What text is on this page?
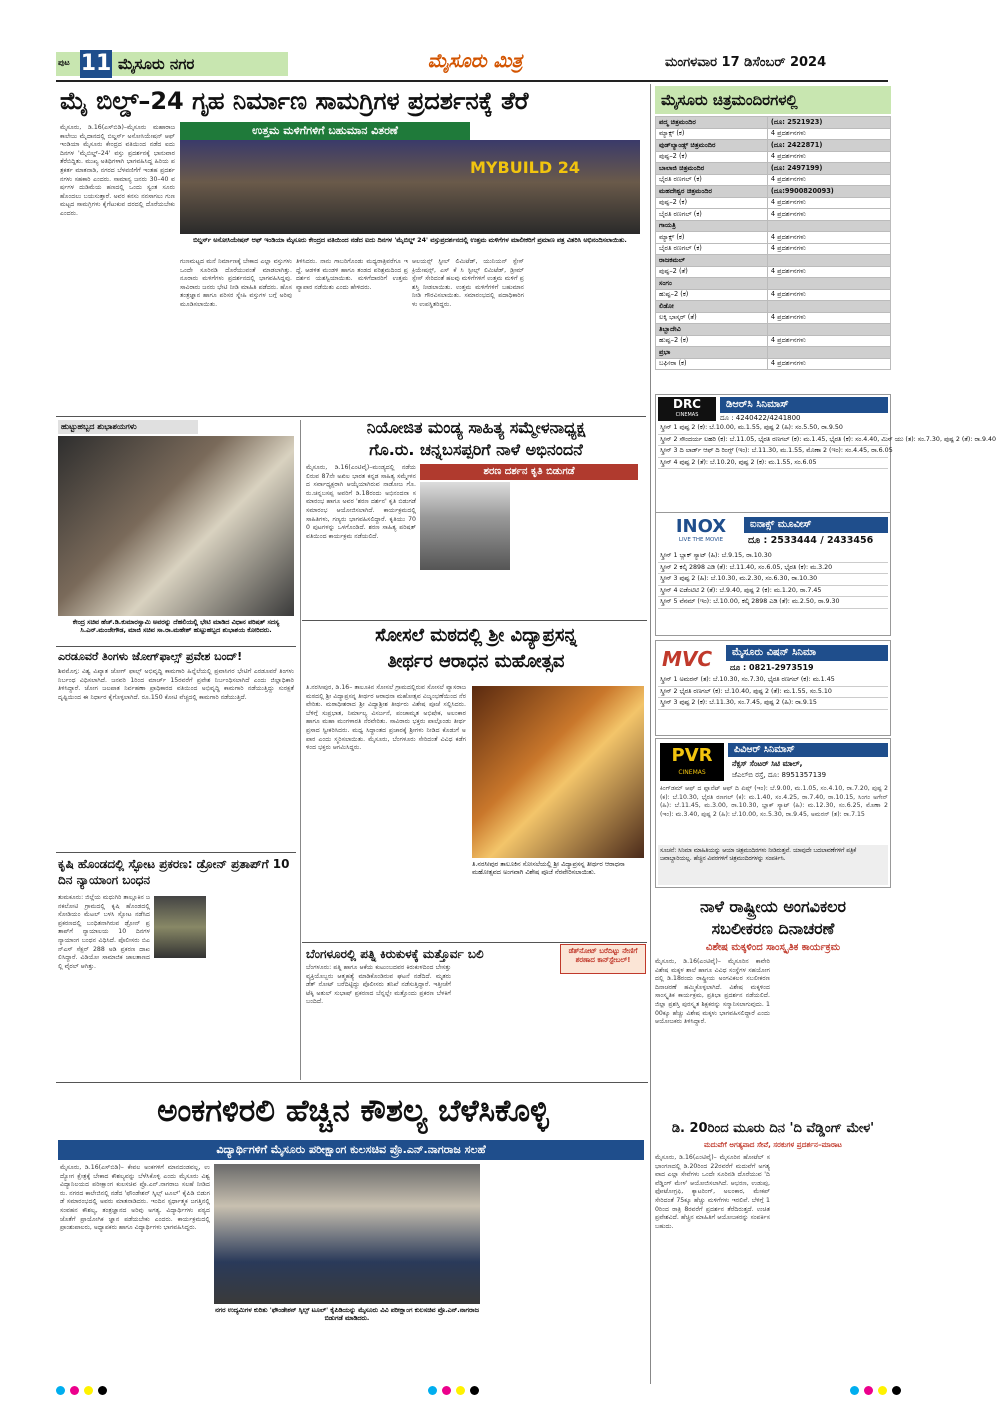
ಪುಟ 11 ಮೈಸೂರು ನಗರ	ಮೈಸೂರು ಮಿತ್ರ	ಮಂಗಳವಾರ 17 ಡಿಸೆಂಬರ್ 2024
ಮೈ ಬಿಲ್ಡ್–24 ಗೃಹ ನಿರ್ಮಾಣ ಸಾಮಗ್ರಿಗಳ ಪ್ರದರ್ಶನಕ್ಕೆ ತೆರೆ
ಉತ್ತಮ ಮಳಿಗೆಗಳಿಗೆ ಬಹುಮಾನ ವಿತರಣೆ
MYBUILD 24
ಬಿಲ್ಡರ್ಸ್ ಅಸೋಸಿಯೇಷನ್ ಆಫ್ ಇಂಡಿಯಾ ಮೈಸೂರು ಕೇಂದ್ರದ ವತಿಯಿಂದ ನಡೆದ ಐದು ದಿನಗಳ 'ಮೈಬಿಲ್ಡ್ 24' ವಸ್ತುಪ್ರದರ್ಶನದಲ್ಲಿ ಉತ್ತಮ ಮಳಿಗೆಗಳ ಮಾಲೀಕರಿಗೆ ಪ್ರಮಾಣ ಪತ್ರ ವಿತರಿಸಿ ಅಭಿನಂದಿಸಲಾಯಿತು.
ಮೈಸೂರು, ಡಿ.16(ಎಸ್‌ಬಿಡಿ)–ಮೈಸೂರು ಮಹಾರಾಜ ಕಾಲೇಜು ಮೈದಾನದಲ್ಲಿ ಬಿಲ್ಡರ್ಸ್ ಅಸೋಸಿಯೇಷನ್ ಆಫ್ ಇಂಡಿಯಾ ಮೈಸೂರು ಕೇಂದ್ರದ ವತಿಯಿಂದ ನಡೆದ ಐದು ದಿನಗಳ 'ಮೈಬಿಲ್ಡ್–24' ವಸ್ತು ಪ್ರದರ್ಶನಕ್ಕೆ ಭಾನುವಾರ ತೆರೆಬಿದ್ದಿತು. ಮುಖ್ಯ ಅತಿಥಿಗಳಾಗಿ ಭಾಗವಹಿಸಿದ್ದ ಹಿರಿಯ ಪತ್ರಕರ್ತ ಮಾತನಾಡಿ, ನಗರದ ಬೆಳವಣಿಗೆಗೆ ಇಂತಹ ಪ್ರದರ್ಶನಗಳು ಸಹಕಾರಿ ಎಂದರು. ಸಾಮಾನ್ಯ ಜನರು 30–40 ವರ್ಷಗಳ ದುಡಿಮೆಯ ಹಣದಲ್ಲಿ ಒಂದು ಸ್ವಂತ ಸೂರು ಹೊಂದಲು ಬಯಸುತ್ತಾರೆ. ಅವರ ಕನಸು ನನಸಾಗಲು ಗುಣಮಟ್ಟದ ಸಾಮಗ್ರಿಗಳು ಕೈಗೆಟುಕುವ ದರದಲ್ಲಿ ದೊರೆಯಬೇಕು ಎಂದರು.
ಗುಣಮಟ್ಟದ ಮನೆ ನಿರ್ಮಾಣಕ್ಕೆ ಬೇಕಾದ ಎಲ್ಲಾ ವಸ್ತುಗಳು ಒಂದೇ ಸೂರಿನಡಿ ದೊರೆಯುವಂತೆ ಮಾಡಲಾಗಿತ್ತು. ನೂರಾರು ಮಳಿಗೆಗಳು ಪ್ರದರ್ಶನದಲ್ಲಿ ಭಾಗವಹಿಸಿದ್ದವು. ಸಾವಿರಾರು ಜನರು ಭೇಟಿ ನೀಡಿ ಮಾಹಿತಿ ಪಡೆದರು. ಹೊಸ ತಂತ್ರಜ್ಞಾನ ಹಾಗೂ ಪರಿಸರ ಸ್ನೇಹಿ ವಸ್ತುಗಳ ಬಗ್ಗೆ ಅರಿವು ಮೂಡಿಸಲಾಯಿತು.
ತಿಳಿಸಿದರು. ನಾನು ಗಾಬರಿಗೊಂಡು ಮಧ್ಯರಾತ್ರಿವರೆಗೂ ಇದ್ದೆ. ಆಡಳಿತ ಮಂಡಳಿ ಹಾಗೂ ತಂಡದ ಪರಿಶ್ರಮದಿಂದ ಪ್ರದರ್ಶನ ಯಶಸ್ವಿಯಾಯಿತು. ಮಳಿಗೆದಾರರಿಗೆ ಉತ್ತಮ ವ್ಯಾಪಾರ ನಡೆಯಿತು ಎಂದು ಹೇಳಿದರು.
ಆಲಯನ್ಸ್ ಸ್ಟೀಲ್ ಲಿಮಿಟೆಡ್, ಯುನಿಯನ್ ಸ್ಪೇಸ್ ಕ್ರಿಯೇಷನ್ಸ್, ಎಸ್ ಕೆ ಸಿ ಸ್ಟೀಲ್ಸ್ ಲಿಮಿಟೆಡ್, ಡ್ರೀಮ್ ಸ್ಪೇಸ್ ಸೇರಿದಂತೆ ಹಲವು ಮಳಿಗೆಗಳಿಗೆ ಉತ್ತಮ ಮಳಿಗೆ ಪ್ರಶಸ್ತಿ ನೀಡಲಾಯಿತು. ಉತ್ತಮ ಮಳಿಗೆಗಳಿಗೆ ಬಹುಮಾನ ನೀಡಿ ಗೌರವಿಸಲಾಯಿತು. ಸಮಾರಂಭದಲ್ಲಿ ಪದಾಧಿಕಾರಿಗಳು ಉಪಸ್ಥಿತರಿದ್ದರು.
ಹುಟ್ಟುಹಬ್ಬದ ಶುಭಾಶಯಗಳು
ಕೇಂದ್ರ ಸಚಿವ ಹೆಚ್.ಡಿ.ಕುಮಾರಸ್ವಾಮಿ ಅವರನ್ನು ದೆಹಲಿಯಲ್ಲಿ ಭೇಟಿ ಮಾಡಿದ ವಿಧಾನ ಪರಿಷತ್ ಸದಸ್ಯ ಸಿ.ಎನ್.ಮಂಜೇಗೌಡ, ಮಾಜಿ ಸಚಿವ ಸಾ.ರಾ.ಮಹೇಶ್ ಹುಟ್ಟುಹಬ್ಬದ ಶುಭಾಶಯ ಕೋರಿದರು.
ಎರಡೂವರೆ ತಿಂಗಳು ಜೋಗ್‌ಫಾಲ್ಸ್ ಪ್ರವೇಶ ಬಂದ್!
ಶಿವಮೊಗ್ಗ: ವಿಶ್ವ ವಿಖ್ಯಾತ ಜೋಗ್ ಫಾಲ್ಸ್ ಅಭಿವೃದ್ಧಿ ಕಾಮಗಾರಿ ಹಿನ್ನೆಲೆಯಲ್ಲಿ ಪ್ರವಾಸಿಗರ ಭೇಟಿಗೆ ಎರಡೂವರೆ ತಿಂಗಳು ನಿರ್ಬಂಧ ವಿಧಿಸಲಾಗಿದೆ. ಜನವರಿ 1ರಿಂದ ಮಾರ್ಚ್ 15ರವರೆಗೆ ಪ್ರವೇಶ ನಿರ್ಬಂಧಿಸಲಾಗಿದೆ ಎಂದು ಜಿಲ್ಲಾಧಿಕಾರಿ ತಿಳಿಸಿದ್ದಾರೆ. ಜೋಗ ಜಲಪಾತ ನಿರ್ವಹಣಾ ಪ್ರಾಧಿಕಾರದ ವತಿಯಿಂದ ಅಭಿವೃದ್ಧಿ ಕಾಮಗಾರಿ ನಡೆಯುತ್ತಿದ್ದು ಸುರಕ್ಷತೆ ದೃಷ್ಟಿಯಿಂದ ಈ ನಿರ್ಧಾರ ಕೈಗೊಳ್ಳಲಾಗಿದೆ. ರೂ.150 ಕೋಟಿ ವೆಚ್ಚದಲ್ಲಿ ಕಾಮಗಾರಿ ನಡೆಯುತ್ತಿದೆ.
ಕೃಷಿ ಹೊಂಡದಲ್ಲಿ ಸ್ಫೋಟ ಪ್ರಕರಣ: ಡ್ರೋನ್ ಪ್ರತಾಪ್‌ಗೆ 10 ದಿನ ನ್ಯಾಯಾಂಗ ಬಂಧನ
ತುಮಕೂರು: ಜಿಲ್ಲೆಯ ಮಧುಗಿರಿ ತಾಲ್ಲೂಕಿನ ಜನಕಲೋಟಿ ಗ್ರಾಮದಲ್ಲಿ ಕೃಷಿ ಹೊಂಡದಲ್ಲಿ ಸೋಡಿಯಂ ಮೆಟಲ್ ಬಳಸಿ ಸ್ಫೋಟ ನಡೆಸಿದ ಪ್ರಕರಣದಲ್ಲಿ ಬಂಧಿತನಾಗಿರುವ ಡ್ರೋನ್ ಪ್ರತಾಪ್‌ಗೆ ನ್ಯಾಯಾಲಯ 10 ದಿನಗಳ ನ್ಯಾಯಾಂಗ ಬಂಧನ ವಿಧಿಸಿದೆ. ಪೊಲೀಸರು ಬಿಎನ್‌ಎಸ್ ಸೆಕ್ಷನ್ 288 ಅಡಿ ಪ್ರಕರಣ ದಾಖಲಿಸಿದ್ದಾರೆ. ವಿಡಿಯೋ ಸಾಮಾಜಿಕ ಜಾಲತಾಣದಲ್ಲಿ ವೈರಲ್ ಆಗಿತ್ತು.
ನಿಯೋಜಿತ ಮಂಡ್ಯ ಸಾಹಿತ್ಯ ಸಮ್ಮೇಳನಾಧ್ಯಕ್ಷ
ಗೊ.ರು. ಚನ್ನಬಸಪ್ಪರಿಗೆ ನಾಳೆ ಅಭಿನಂದನೆ
ಮೈಸೂರು, ಡಿ.16(ಎಂಟಿವೈ)–ಮಂಡ್ಯದಲ್ಲಿ ನಡೆಯಲಿರುವ 87ನೇ ಅಖಿಲ ಭಾರತ ಕನ್ನಡ ಸಾಹಿತ್ಯ ಸಮ್ಮೇಳನದ ಸರ್ವಾಧ್ಯಕ್ಷರಾಗಿ ಆಯ್ಕೆಯಾಗಿರುವ ನಾಡೋಜ ಗೊ.ರು.ಚನ್ನಬಸಪ್ಪ ಅವರಿಗೆ ಡಿ.18ರಂದು ಅಭಿನಂದನಾ ಸಮಾರಂಭ ಹಾಗೂ ಅವರ 'ಶರಣ ದರ್ಶನ' ಕೃತಿ ಬಿಡುಗಡೆ ಸಮಾರಂಭ ಆಯೋಜಿಸಲಾಗಿದೆ. ಕಾರ್ಯಕ್ರಮದಲ್ಲಿ ಸಾಹಿತಿಗಳು, ಗಣ್ಯರು ಭಾಗವಹಿಸಲಿದ್ದಾರೆ. ಕೃತಿಯು 700 ಪುಟಗಳನ್ನು ಒಳಗೊಂಡಿದೆ. ಶರಣ ಸಾಹಿತ್ಯ ಪರಿಷತ್ ವತಿಯಿಂದ ಕಾರ್ಯಕ್ರಮ ನಡೆಯಲಿದೆ.
ಶರಣ ದರ್ಶನ ಕೃತಿ ಬಿಡುಗಡೆ
ಸೋಸಲೆ ಮಠದಲ್ಲಿ ಶ್ರೀ ವಿದ್ಯಾಪ್ರಸನ್ನ
ತೀರ್ಥರ ಆರಾಧನ ಮಹೋತ್ಸವ
ತಿ.ನರಸೀಪುರ, ಡಿ.16– ತಾಲೂಕಿನ ಸೋಸಲೆ ಗ್ರಾಮದಲ್ಲಿರುವ ಸೋಸಲೆ ವ್ಯಾಸರಾಜ ಮಠದಲ್ಲಿ ಶ್ರೀ ವಿದ್ಯಾಪ್ರಸನ್ನ ತೀರ್ಥರ ಆರಾಧನಾ ಮಹೋತ್ಸವ ವಿಜೃಂಭಣೆಯಿಂದ ನೆರವೇರಿತು. ಮಠಾಧೀಶರಾದ ಶ್ರೀ ವಿದ್ಯಾಶ್ರೀಶ ತೀರ್ಥರು ವಿಶೇಷ ಪೂಜೆ ಸಲ್ಲಿಸಿದರು. ಬೆಳಿಗ್ಗೆ ಸುಪ್ರಭಾತ, ನಿರ್ಮಾಲ್ಯ ವಿಸರ್ಜನೆ, ಪಂಚಾಮೃತ ಅಭಿಷೇಕ, ಅಲಂಕಾರ ಹಾಗೂ ಮಹಾ ಮಂಗಳಾರತಿ ನೆರವೇರಿತು. ಸಾವಿರಾರು ಭಕ್ತರು ಪಾಲ್ಗೊಂಡು ತೀರ್ಥ ಪ್ರಸಾದ ಸ್ವೀಕರಿಸಿದರು. ಮಧ್ವ ಸಿದ್ಧಾಂತದ ಪ್ರಚಾರಕ್ಕೆ ಶ್ರೀಗಳು ನೀಡಿದ ಕೊಡುಗೆ ಅಪಾರ ಎಂದು ಸ್ಮರಿಸಲಾಯಿತು. ಮೈಸೂರು, ಬೆಂಗಳೂರು ಸೇರಿದಂತೆ ವಿವಿಧ ಕಡೆಗಳಿಂದ ಭಕ್ತರು ಆಗಮಿಸಿದ್ದರು.
ತಿ.ನರಸೀಪುರ ತಾಲೂಕಿನ ಸೋಸಲೆಯಲ್ಲಿ ಶ್ರೀ ವಿದ್ಯಾಪ್ರಸನ್ನ ತೀರ್ಥರ ಆರಾಧನಾ ಮಹೋತ್ಸವದ ಅಂಗವಾಗಿ ವಿಶೇಷ ಪೂಜೆ ನೆರವೇರಿಸಲಾಯಿತು.
ಬೆಂಗಳೂರಲ್ಲಿ ಪತ್ನಿ ಕಿರುಕುಳಕ್ಕೆ ಮತ್ತೊರ್ವ ಬಲಿ
ಬೆಂಗಳೂರು: ಪತ್ನಿ ಹಾಗೂ ಆಕೆಯ ಕುಟುಂಬದವರ ಕಿರುಕುಳದಿಂದ ಬೇಸತ್ತು ವ್ಯಕ್ತಿಯೊಬ್ಬರು ಆತ್ಮಹತ್ಯೆ ಮಾಡಿಕೊಂಡಿರುವ ಘಟನೆ ನಡೆದಿದೆ. ಮೃತರು ಡೆತ್ ನೋಟ್ ಬರೆದಿಟ್ಟಿದ್ದು ಪೊಲೀಸರು ತನಿಖೆ ನಡೆಸುತ್ತಿದ್ದಾರೆ. ಇತ್ತೀಚೆಗೆ ಟೆಕ್ಕಿ ಅತುಲ್ ಸುಭಾಷ್ ಪ್ರಕರಣದ ಬೆನ್ನಲ್ಲೇ ಮತ್ತೊಂದು ಪ್ರಕರಣ ಬೆಳಕಿಗೆ ಬಂದಿದೆ.
ಡೆತ್‌ನೋಟ್ ಬರೆದಿಟ್ಟು ನೇಣಿಗೆ ಶರಣಾದ ಕಾನ್‌ಸ್ಟೇಬಲ್!
ಅಂಕಗಳಿರಲಿ ಹೆಚ್ಚಿನ ಕೌಶಲ್ಯ ಬೆಳೆಸಿಕೊಳ್ಳಿ
ವಿದ್ಯಾರ್ಥಿಗಳಿಗೆ ಮೈಸೂರು ಪರೀಕ್ಷಾಂಗ ಕುಲಸಚಿವ ಪ್ರೊ.ಎನ್.ನಾಗರಾಜ ಸಲಹೆ
ಮೈಸೂರು, ಡಿ.16(ಎಸ್‌ಬಿಡಿ)– ಕೇವಲ ಅಂಕಗಳಿಗೆ ಮಾನದಂಡವಲ್ಲ, ಉದ್ಯೋಗ ಕ್ಷೇತ್ರಕ್ಕೆ ಬೇಕಾದ ಕೌಶಲ್ಯವನ್ನು ಬೆಳೆಸಿಕೊಳ್ಳಿ ಎಂದು ಮೈಸೂರು ವಿಶ್ವವಿದ್ಯಾನಿಲಯದ ಪರೀಕ್ಷಾಂಗ ಕುಲಸಚಿವ ಪ್ರೊ.ಎನ್.ನಾಗರಾಜ ಸಲಹೆ ನೀಡಿದರು. ನಗರದ ಕಾಲೇಜಿನಲ್ಲಿ ನಡೆದ 'ಫೌಂಡೇಶನ್ ಸ್ಕಿಲ್ಸ್ ಟೂಲ್' ಕೈಪಿಡಿ ಬಿಡುಗಡೆ ಸಮಾರಂಭದಲ್ಲಿ ಅವರು ಮಾತನಾಡಿದರು. ಇಂದಿನ ಸ್ಪರ್ಧಾತ್ಮಕ ಜಗತ್ತಿನಲ್ಲಿ ಸಂವಹನ ಕೌಶಲ್ಯ, ತಂತ್ರಜ್ಞಾನದ ಅರಿವು ಅಗತ್ಯ. ವಿದ್ಯಾರ್ಥಿಗಳು ಪಠ್ಯದ ಜೊತೆಗೆ ಪ್ರಾಯೋಗಿಕ ಜ್ಞಾನ ಪಡೆಯಬೇಕು ಎಂದರು. ಕಾರ್ಯಕ್ರಮದಲ್ಲಿ ಪ್ರಾಂಶುಪಾಲರು, ಅಧ್ಯಾಪಕರು ಹಾಗೂ ವಿದ್ಯಾರ್ಥಿಗಳು ಭಾಗವಹಿಸಿದ್ದರು.
ನಗರ ಉದ್ಯಮಿಗಳ ಕುರಿತು 'ಫೌಂಡೇಶನ್ ಸ್ಕಿಲ್ಸ್ ಟೂಲ್' ಕೈಪಿಡಿಯನ್ನು ಮೈಸೂರು ವಿವಿ ಪರೀಕ್ಷಾಂಗ ಕುಲಸಚಿವ ಪ್ರೊ.ಎನ್.ನಾಗರಾಜ ಬಿಡುಗಡೆ ಮಾಡಿದರು.
ಮೈಸೂರು ಚಿತ್ರಮಂದಿರಗಳಲ್ಲಿ
ಪದ್ಮ ಚಿತ್ರಮಂದಿರ	(ದೂ: 2521923)
ಮ್ಯಾಕ್ಸ್ (ಕ)	4 ಪ್ರದರ್ಶನಗಳು
ವುಡ್‌ಲ್ಯಾಂಡ್ಸ್ ಚಿತ್ರಮಂದಿರ	(ದೂ: 2422871)
ಪುಷ್ಪ–2 (ಕ)	4 ಪ್ರದರ್ಶನಗಳು
ಬಾಲಾಜಿ ಚಿತ್ರಮಂದಿರ	(ದೂ: 2497199)
ಭೈರತಿ ರಣಗಲ್ (ಕ)	4 ಪ್ರದರ್ಶನಗಳು
ಮಹದೇಶ್ವರ ಚಿತ್ರಮಂದಿರ	(ದೂ:9900820093)
ಪುಷ್ಪ–2 (ಕ)	4 ಪ್ರದರ್ಶನಗಳು
ಬೈರತಿ ರಣಗಲ್ (ಕ)	4 ಪ್ರದರ್ಶನಗಳು
ಗಾಯತ್ರಿ	
ಮ್ಯಾಕ್ಸ್ (ಕ)	4 ಪ್ರದರ್ಶನಗಳು
ಬೈರತಿ ರಣಗಲ್ (ಕ)	4 ಪ್ರದರ್ಶನಗಳು
ರಾಜಕಮಲ್	
ಪುಷ್ಪ–2 (ತೆ)	4 ಪ್ರದರ್ಶನಗಳು
ಸಂಗಂ	
ಹುಷ್ಪ–2 (ಕ)	4 ಪ್ರದರ್ಶನಗಳು
ಲಿಡೋ	
ಲಕ್ಕಿ ಭಾಸ್ಕರ್ (ತೆ)	4 ಪ್ರದರ್ಶನಗಳು
ತಿಬ್ಬಾದೇವಿ	
ಹುಷ್ಪ–2 (ಕ)	4 ಪ್ರದರ್ಶನಗಳು
ಪ್ರಭಾ	
ಬಘೀರಾ (ಕ)	4 ಪ್ರದರ್ಶನಗಳು
DRC
CINEMAS
ಡಿಆರ್‌ಸಿ ಸಿನಿಮಾಸ್
ದೂ : 4240422/4241800
ಸ್ಕ್ರೀನ್ 1 ಪುಷ್ಪ 2 (ಕ): ಬೆ.10.00, ಮ.1.55, ಪುಷ್ಪ 2 (ಹಿ): ಸಂ.5.50, ರಾ.9.50
ಸ್ಕ್ರೀನ್ 2 ಸೌಂದರ್ಯ ಲಹರಿ (ಕ): ಬೆ.11.05, ಭೈರತಿ ರಣಗಲ್ (ಕ): ಮ.1.45, ಭೈರತಿ (ಕ): ಸಂ.4.40, ಮಿಸ್ ಯು (ತ): ಸಂ.7.30, ಪುಷ್ಪ 2 (ತೆ): ರಾ.9.40
ಸ್ಕ್ರೀನ್ 3 ದಿ ಲಾರ್ಡ್ ಆಫ್ ದಿ ರಿಂಗ್ಸ್ (ಇಂ): ಬೆ.11.30, ಮ.1.55, ಮೊಣಾ 2 (ಇಂ): ಸಂ.4.45, ರಾ.6.05
ಸ್ಕ್ರೀನ್ 4 ಪುಷ್ಪ 2 (ತೆ): ಬೆ.10.20, ಪುಷ್ಪ 2 (ಕ): ಮ.1.55, ಸಂ.6.05
INOX
LIVE THE MOVIE
ಐನಾಕ್ಸ್ ಮೂವೀಸ್
ದೂ : 2533444 / 2433456
ಸ್ಕ್ರೀನ್ 1 ಬ್ಲಾಕ್ ಸ್ಯಾಟ್ (ಹಿ): ಬೆ.9.15, ರಾ.10.30
ಸ್ಕ್ರೀನ್ 2 ಕಲ್ಕಿ 2898 ಎಡಿ (ತೆ): ಬೆ.11.40, ಸಂ.6.05, ಭೈರತಿ (ಕ): ಮ.3.20
ಸ್ಕ್ರೀನ್ 3 ಪುಷ್ಪ 2 (ಹಿ): ಬೆ.10.30, ಮ.2.30, ಸಂ.6.30, ರಾ.10.30
ಸ್ಕ್ರೀನ್ 4 ಐಡೆಂಟಿಟಿ 2 (ತೆ): ಬೆ.9.40, ಪುಷ್ಪ 2 (ಕ): ಮ.1.20, ರಾ.7.45
ಸ್ಕ್ರೀನ್ 5 ವೆನಮ್ (ಇಂ): ಬೆ.10.00, ಕಲ್ಕಿ 2898 ಎಡಿ (ತೆ): ಮ.2.50, ರಾ.9.30
MVC	ಮೈಸೂರು ವಿಷನ್ ಸಿನಿಮಾ
ದೂ : 0821-2973519
ಸ್ಕ್ರೀನ್ 1 ಅಮರನ್ (ತ): ಬೆ.10.30, ಸಂ.7.30, ಭೈರತಿ ರಣಗಲ್ (ಕ): ಮ.1.45
ಸ್ಕ್ರೀನ್ 2 ಭೈರತಿ ರಣಗಲ್ (ಕ): ಬೆ.10.40, ಪುಷ್ಪ 2 (ತೆ): ಮ.1.55, ಸಂ.5.10
ಸ್ಕ್ರೀನ್ 3 ಪುಷ್ಪ 2 (ಕ): ಬೆ.11.30, ಸಂ.7.45, ಪುಷ್ಪ 2 (ಹಿ): ರಾ.9.15
PVR
CINEMAS
ಪಿವಿಆರ್ ಸಿನಿಮಾಸ್
ನೆಕ್ಸಸ್ ಸೆಂಟರ್ ಸಿಟಿ ಮಾಲ್,
ಜೆಎಲ್‌ಬಿ ರಸ್ತೆ, ದೂ: 8951357139
ಕಿಂಗ್‌ಡಮ್ ಆಫ್ ದ ಪ್ಲಾನೆಟ್ ಆಫ್ ದಿ ಏಪ್ಸ್ (ಇಂ): ಬೆ.9.00, ಮ.1.05, ಸಂ.4.10, ರಾ.7.20, ಪುಷ್ಪ 2 (ಕ): ಬೆ.10.30, ಭೈರತಿ ರಣಗಲ್ (ಕ): ಮ.1.40, ಸಂ.4.25, ರಾ.7.40, ರಾ.10.15, ಸಿಂಗಂ ಅಗೇನ್ (ಹಿ): ಬೆ.11.45, ಮ.3.00, ರಾ.10.30, ಬ್ಲಾಕ್ ಸ್ಯಾಟ್ (ಹಿ): ಮ.12.30, ಸಂ.6.25, ಮೊಣಾ 2 (ಇಂ): ಮ.3.40, ಪುಷ್ಪ 2 (ಹಿ): ಬೆ.10.00, ಸಂ.5.30, ರಾ.9.45, ಅಮರನ್ (ತ): ರಾ.7.15
ಸೂಚನೆ: ಸಿನಿಮಾ ಮಾಹಿತಿಯನ್ನು ಆಯಾ ಚಿತ್ರಮಂದಿರಗಳು ನೀಡಿರುತ್ತವೆ. ಯಾವುದೇ ಬದಲಾವಣೆಗಳಿಗೆ ಪತ್ರಿಕೆ ಜವಾಬ್ದಾರಿಯಲ್ಲ. ಹೆಚ್ಚಿನ ವಿವರಗಳಿಗೆ ಚಿತ್ರಮಂದಿರಗಳನ್ನು ಸಂಪರ್ಕಿಸಿ.
ನಾಳೆ ರಾಷ್ಟ್ರೀಯ ಅಂಗವಿಕಲರ
ಸಬಲೀಕರಣ ದಿನಾಚರಣೆ
ವಿಶೇಷ ಮಕ್ಕಳಿಂದ ಸಾಂಸ್ಕೃತಿಕ ಕಾರ್ಯಕ್ರಮ
ಮೈಸೂರು, ಡಿ.16(ಎಂಟಿವೈ)– ಮೈಸೂರಿನ ಕಾವೇರಿ ವಿಶೇಷ ಮಕ್ಕಳ ಶಾಲೆ ಹಾಗೂ ವಿವಿಧ ಸಂಸ್ಥೆಗಳ ಸಹಯೋಗದಲ್ಲಿ ಡಿ.18ರಂದು ರಾಷ್ಟ್ರೀಯ ಅಂಗವಿಕಲರ ಸಬಲೀಕರಣ ದಿನಾಚರಣೆ ಹಮ್ಮಿಕೊಳ್ಳಲಾಗಿದೆ. ವಿಶೇಷ ಮಕ್ಕಳಿಂದ ಸಾಂಸ್ಕೃತಿಕ ಕಾರ್ಯಕ್ರಮ, ಪ್ರತಿಭಾ ಪ್ರದರ್ಶನ ನಡೆಯಲಿದೆ. ಜಿಲ್ಲಾ ಪ್ರಶಸ್ತಿ ಪುರಸ್ಕೃತ ಶಿಕ್ಷಕರನ್ನು ಸನ್ಮಾನಿಸಲಾಗುವುದು. 100ಕ್ಕೂ ಹೆಚ್ಚು ವಿಶೇಷ ಮಕ್ಕಳು ಭಾಗವಹಿಸಲಿದ್ದಾರೆ ಎಂದು ಆಯೋಜಕರು ತಿಳಿಸಿದ್ದಾರೆ.
ಡಿ. 20ರಿಂದ ಮೂರು ದಿನ 'ದಿ ವೆಡ್ಡಿಂಗ್ ಮೇಳ'
ಮದುವೆಗೆ ಅಗತ್ಯವಾದ ಸೇವೆ, ಸರಕುಗಳ ಪ್ರದರ್ಶನ–ಮಾರಾಟ
ಮೈಸೂರು, ಡಿ.16(ಎಂಟಿವೈ)– ಮೈಸೂರಿನ ಹೋಟೆಲ್ ಸಭಾಂಗಣದಲ್ಲಿ ಡಿ.20ರಿಂದ 22ರವರೆಗೆ ಮದುವೆಗೆ ಅಗತ್ಯವಾದ ಎಲ್ಲಾ ಸೇವೆಗಳು ಒಂದೇ ಸೂರಿನಡಿ ದೊರೆಯುವ 'ದಿ ವೆಡ್ಡಿಂಗ್ ಮೇಳ' ಆಯೋಜಿಸಲಾಗಿದೆ. ಆಭರಣ, ಉಡುಪು, ಫೋಟೋಗ್ರಫಿ, ಕ್ಯಾಟರಿಂಗ್, ಅಲಂಕಾರ, ಮೇಕಪ್ ಸೇರಿದಂತೆ 75ಕ್ಕೂ ಹೆಚ್ಚು ಮಳಿಗೆಗಳು ಇರಲಿವೆ. ಬೆಳಿಗ್ಗೆ 10ರಿಂದ ರಾತ್ರಿ 8ರವರೆಗೆ ಪ್ರದರ್ಶನ ತೆರೆದಿರುತ್ತದೆ. ಉಚಿತ ಪ್ರವೇಶವಿದೆ. ಹೆಚ್ಚಿನ ಮಾಹಿತಿಗೆ ಆಯೋಜಕರನ್ನು ಸಂಪರ್ಕಿಸಬಹುದು.
